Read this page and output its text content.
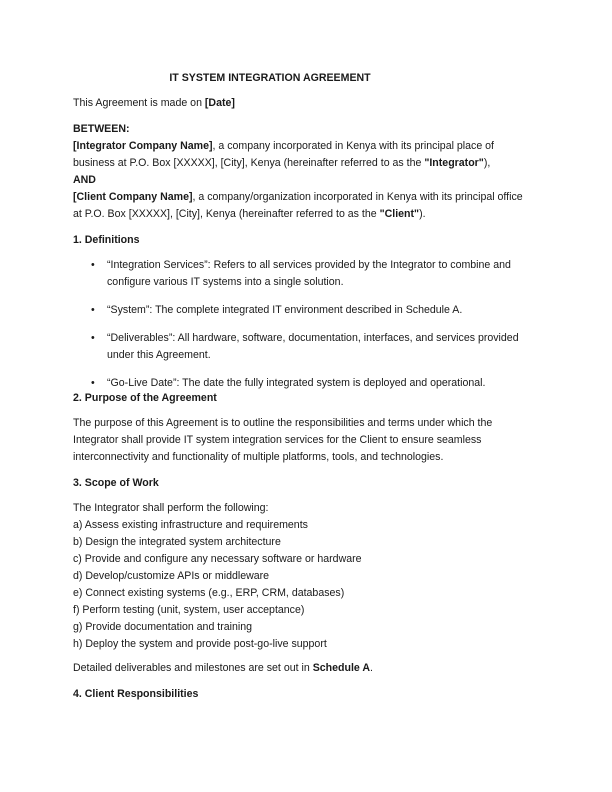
IT SYSTEM INTEGRATION AGREEMENT
This Agreement is made on [Date]
BETWEEN:
[Integrator Company Name], a company incorporated in Kenya with its principal place of
business at P.O. Box [XXXXX], [City], Kenya (hereinafter referred to as the "Integrator"),
AND
[Client Company Name], a company/organization incorporated in Kenya with its principal office
at P.O. Box [XXXXX], [City], Kenya (hereinafter referred to as the "Client").
1. Definitions
• “Integration Services”: Refers to all services provided by the Integrator to combine and
configure various IT systems into a single solution.
• “System”: The complete integrated IT environment described in Schedule A.
• “Deliverables”: All hardware, software, documentation, interfaces, and services provided
under this Agreement.
• “Go-Live Date”: The date the fully integrated system is deployed and operational.
2. Purpose of the Agreement
The purpose of this Agreement is to outline the responsibilities and terms under which the
Integrator shall provide IT system integration services for the Client to ensure seamless
interconnectivity and functionality of multiple platforms, tools, and technologies.
3. Scope of Work
The Integrator shall perform the following:
a) Assess existing infrastructure and requirements
b) Design the integrated system architecture
c) Provide and configure any necessary software or hardware
d) Develop/customize APIs or middleware
e) Connect existing systems (e.g., ERP, CRM, databases)
f) Perform testing (unit, system, user acceptance)
g) Provide documentation and training
h) Deploy the system and provide post-go-live support
Detailed deliverables and milestones are set out in Schedule A.
4. Client Responsibilities
